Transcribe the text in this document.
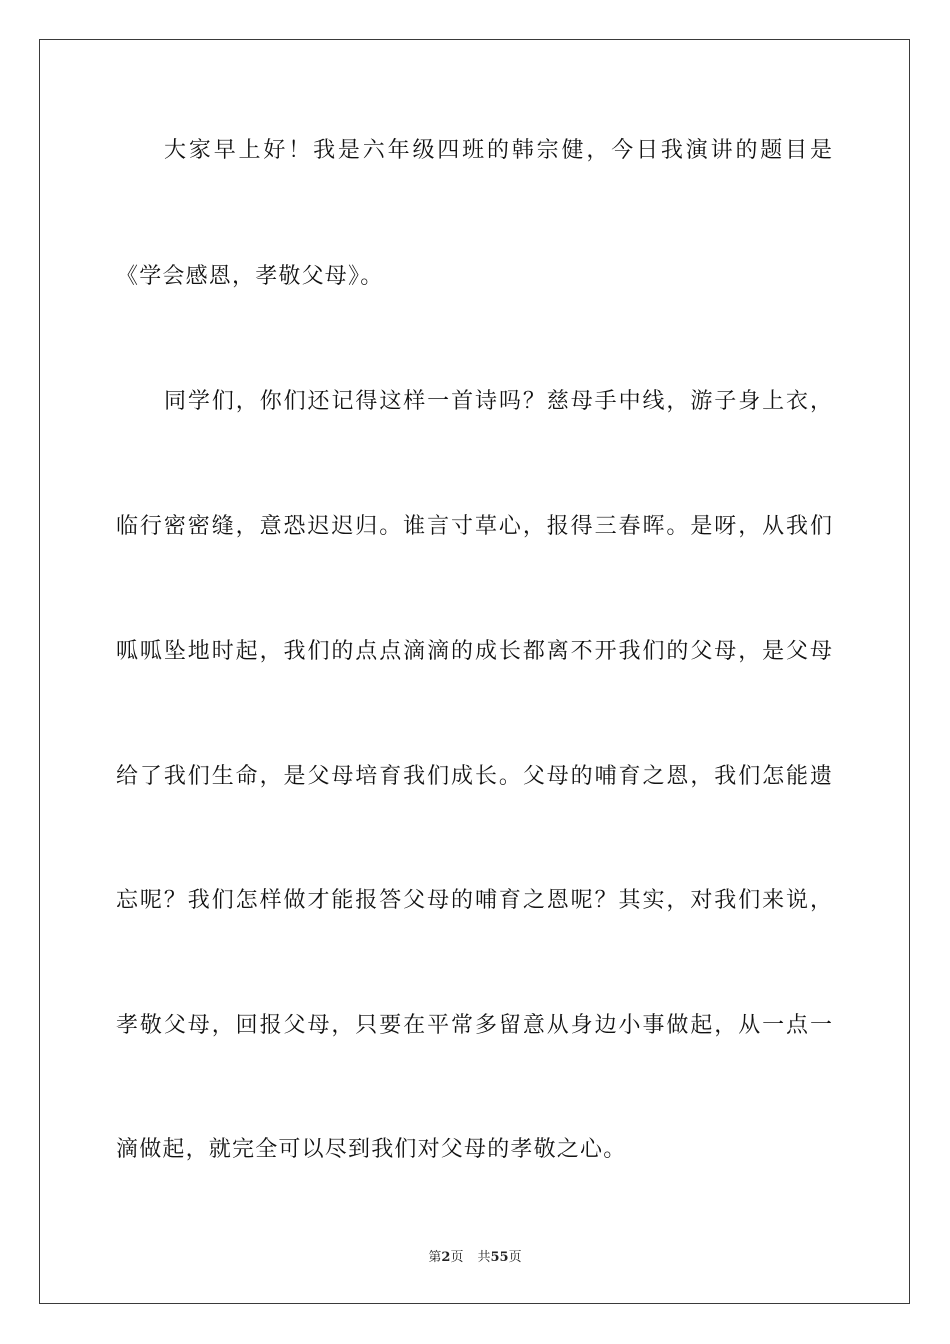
大家早上好！我是六年级四班的韩宗健，今日我演讲的题目是
《学会感恩，孝敬父母》。
同学们，你们还记得这样一首诗吗？慈母手中线，游子身上衣，
临行密密缝，意恐迟迟归。谁言寸草心，报得三春晖。是呀，从我们
呱呱坠地时起，我们的点点滴滴的成长都离不开我们的父母，是父母
给了我们生命，是父母培育我们成长。父母的哺育之恩，我们怎能遗
忘呢？我们怎样做才能报答父母的哺育之恩呢？其实，对我们来说，
孝敬父母，回报父母，只要在平常多留意从身边小事做起，从一点一
滴做起，就完全可以尽到我们对父母的孝敬之心。
第2页 共55页
